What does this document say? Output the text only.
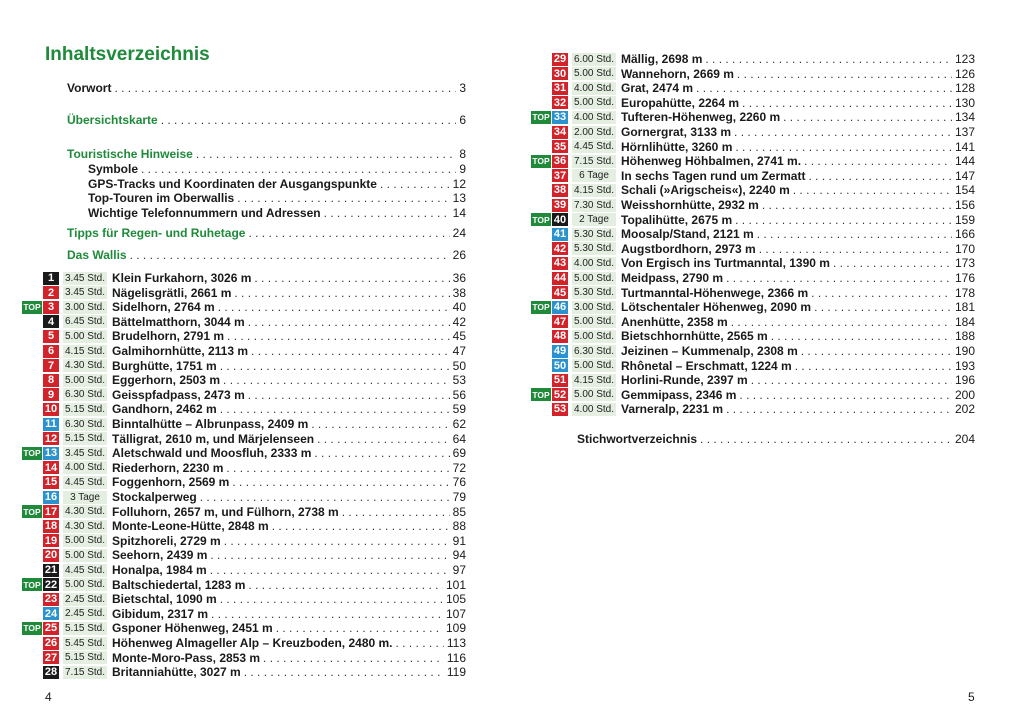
Inhaltsverzeichnis
Vorwort . . .	3
Übersichtskarte . . .	6
Touristische Hinweise . . .	8
Symbole . . .	9
GPS-Tracks und Koordinaten der Ausgangspunkte . . .	12
Top-Touren im Oberwallis . . .	13
Wichtige Telefonnummern und Adressen . . .	14
Tipps für Regen- und Ruhetage . . .	24
Das Wallis . . .	26
1	3.45 Std. Klein Furkahorn, 3026 m . . .	36
2	3.45 Std. Nägelisgrätli, 2661 m . . .	38
TOP 3	3.00 Std. Sidelhorn, 2764 m . . .	40
4	6.45 Std. Bättelmatthorn, 3044 m . . .	42
5	5.00 Std. Brudelhorn, 2791 m . . .	45
6	4.15 Std. Galmihornhütte, 2113 m . . .	47
7	4.30 Std. Burghütte, 1751 m . . .	50
8	5.00 Std. Eggerhorn, 2503 m . . .	53
9	6.30 Std. Geisspfadpass, 2473 m . . .	56
10 5.15 Std. Gandhorn, 2462 m . . .	59
11 6.30 Std. Binntalhütte – Albrunpass, 2409 m . . .	62
12 5.15 Std. Tälligrat, 2610 m, und Märjelenseen . . .	64
TOP 13 3.45 Std. Aletschwald und Moosfluh, 2333 m . . .	69
14 4.00 Std. Riederhorn, 2230 m . . .	72
15 4.45 Std. Foggenhorn, 2569 m . . .	76
16	3 Tage	Stockalperweg . . .	79
TOP 17 4.30 Std. Folluhorn, 2657 m, und Fülhorn, 2738 m . . .	85
18 4.30 Std. Monte-Leone-Hütte, 2848 m . . .	88
19 5.00 Std. Spitzhoreli, 2729 m . . .	91
20 5.00 Std. Seehorn, 2439 m . . .	94
21 4.45 Std. Honalpa, 1984 m . . .	97
TOP 22 5.00 Std. Baltschiedertal, 1283 m . . .	101
23 2.45 Std. Bietschtal, 1090 m . . .	105
24 2.45 Std. Gibidum, 2317 m . . .	107
TOP 25 5.15 Std. Gsponer Höhenweg, 2451 m . . .	109
26 5.45 Std. Höhenweg Almageller Alp – Kreuzboden, 2480 m. . . .	113
27 5.15 Std. Monte-Moro-Pass, 2853 m . . .	116
28 7.15 Std. Britanniahütte, 3027 m . . .	119
4
29 6.00 Std. Mällig, 2698 m . . .	123
30 5.00 Std. Wannehorn, 2669 m . . .	126
31 4.00 Std. Grat, 2474 m . . .	128
32 5.00 Std. Europahütte, 2264 m . . .	130
TOP 33 4.00 Std. Tufteren-Höhenweg, 2260 m . . .	134
34 2.00 Std. Gornergrat, 3133 m . . .	137
35 4.45 Std. Hörnlihütte, 3260 m . . .	141
TOP 36 7.15 Std. Höhenweg Höhbalmen, 2741 m. . . .	144
37	6 Tage	In sechs Tagen rund um Zermatt . . .	147
38 4.15 Std. Schali (»Arigscheis«), 2240 m . . .	154
39 7.30 Std. Weisshornhütte, 2932 m . . .	156
TOP 40	2 Tage	Topalihütte, 2675 m . . .	159
41 5.30 Std. Moosalp/Stand, 2121 m . . .	166
42 5.30 Std. Augstbordhorn, 2973 m . . .	170
43 4.00 Std. Von Ergisch ins Turtmanntal, 1390 m . . .	173
44 5.00 Std. Meidpass, 2790 m . . .	176
45 5.30 Std. Turtmanntal-Höhenwege, 2366 m . . .	178
TOP 46 3.00 Std. Lötschentaler Höhenweg, 2090 m . . .	181
47 5.00 Std. Anenhütte, 2358 m . . .	184
48 5.00 Std. Bietschhornhütte, 2565 m . . .	188
49 6.30 Std. Jeizinen – Kummenalp, 2308 m . . .	190
50 5.00 Std. Rhônetal – Erschmatt, 1224 m . . .	193
51 4.15 Std. Horlini-Runde, 2397 m . . .	196
TOP 52 5.00 Std. Gemmipass, 2346 m . . .	200
53 4.00 Std. Varneralp, 2231 m . . .	202
Stichwortverzeichnis . . .	204
5
